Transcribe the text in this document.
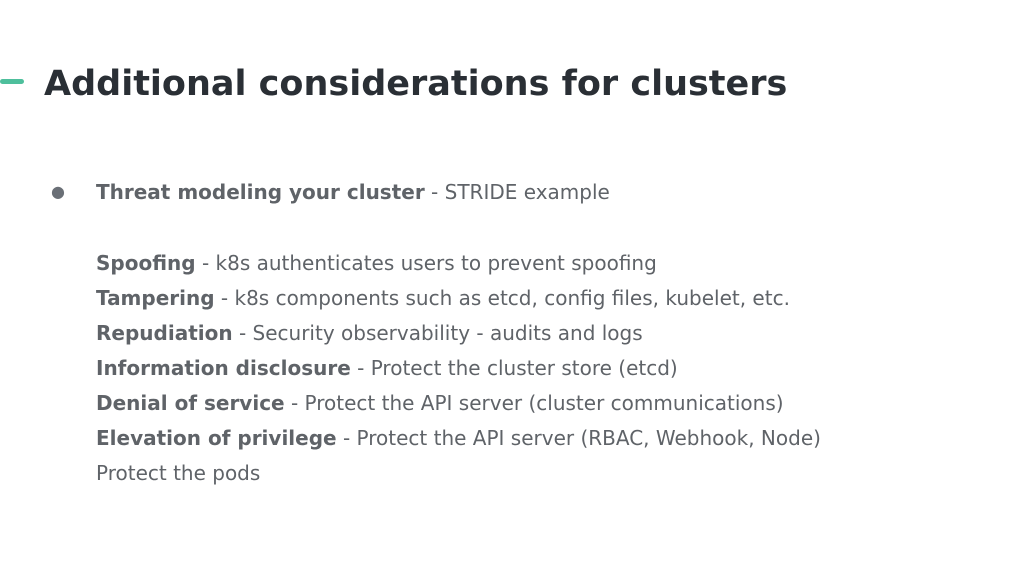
Additional considerations for clusters
● Threat modeling your cluster - STRIDE example
Spoofing - k8s authenticates users to prevent spoofing
Tampering - k8s components such as etcd, config files, kubelet, etc.
Repudiation - Security observability - audits and logs
Information disclosure - Protect the cluster store (etcd)
Denial of service - Protect the API server (cluster communications)
Elevation of privilege - Protect the API server (RBAC, Webhook, Node)
Protect the pods
